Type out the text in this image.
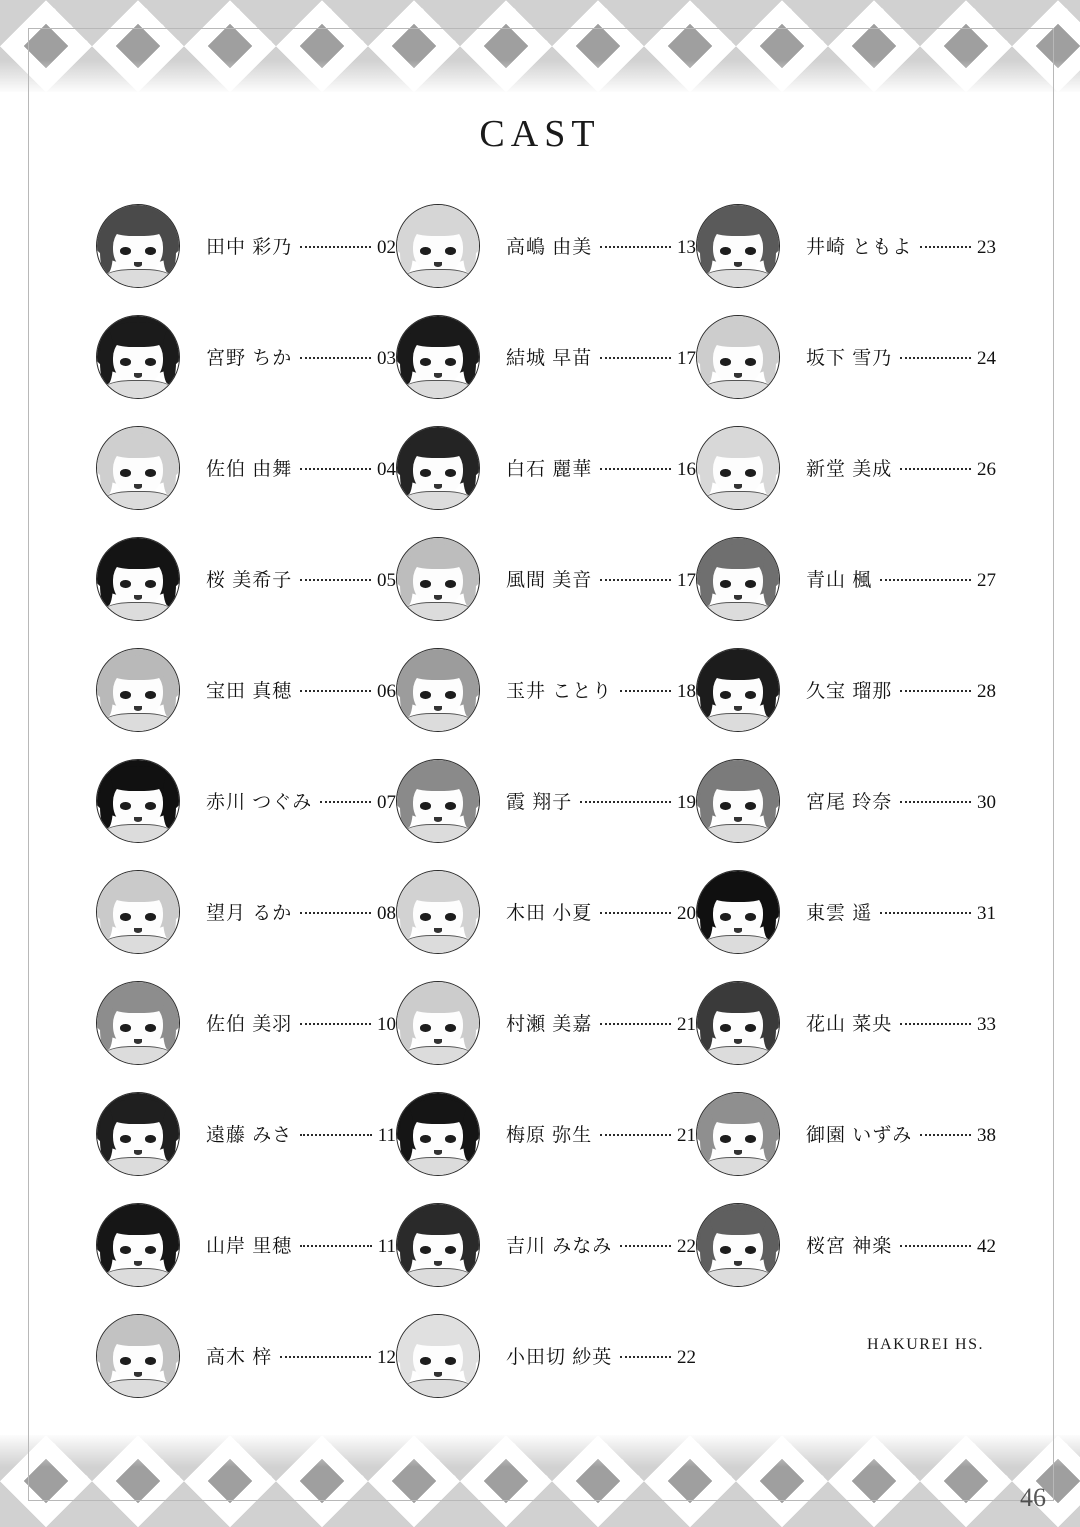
CAST
田中 彩乃	02
宮野 ちか	03
佐伯 由舞	04
桜 美希子	05
宝田 真穂	06
赤川 つぐみ	07
望月 るか	08
佐伯 美羽	10
遠藤 みさ	11
山岸 里穂	11
高木 梓	12
高嶋 由美	13
結城 早苗	17
白石 麗華	16
風間 美音	17
玉井 ことり	18
霞 翔子	19
木田 小夏	20
村瀬 美嘉	21
梅原 弥生	21
吉川 みなみ	22
小田切 紗英	22
井崎 ともよ	23
坂下 雪乃	24
新堂 美成	26
青山 楓	27
久宝 瑠那	28
宮尾 玲奈	30
東雲 遥	31
花山 菜央	33
御園 いずみ	38
桜宮 神楽	42
HAKUREI HS.
46
